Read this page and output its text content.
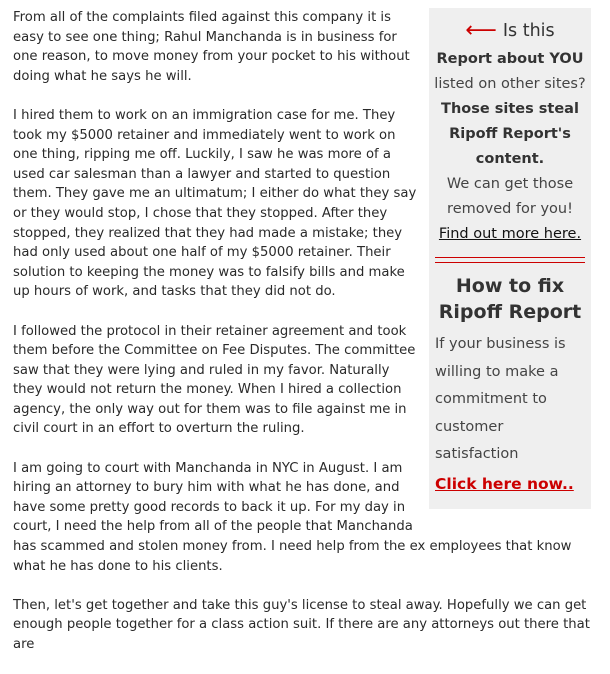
⟵ Is this
Report about YOU
listed on other sites?
Those sites steal
Ripoff Report's
content.
We can get those
removed for you!
Find out more here.
How to fix
Ripoff Report
If your business is
willing to make a
commitment to
customer satisfaction
Click here now..

From all of the complaints filed against this company it is easy to see one thing; Rahul Manchanda is in business for one reason, to move money from your pocket to his without doing what he says he will.

I hired them to work on an immigration case for me. They took my $5000 retainer and immediately went to work on one thing, ripping me off. Luckily, I saw he was more of a used car salesman than a lawyer and started to question them. They gave me an ultimatum; I either do what they say or they would stop, I chose that they stopped. After they stopped, they realized that they had made a mistake; they had only used about one half of my $5000 retainer. Their solution to keeping the money was to falsify bills and make up hours of work, and tasks that they did not do.

I followed the protocol in their retainer agreement and took them before the Committee on Fee Disputes. The committee saw that they were lying and ruled in my favor. Naturally they would not return the money. When I hired a collection agency, the only way out for them was to file against me in civil court in an effort to overturn the ruling.

I am going to court with Manchanda in NYC in August. I am hiring an attorney to bury him with what he has done, and have some pretty good records to back it up. For my day in court, I need the help from all of the people that Manchanda has scammed and stolen money from. I need help from the ex employees that know what he has done to his clients.

Then, let's get together and take this guy's license to steal away. Hopefully we can get enough people together for a class action suit. If there are any attorneys out there that are
